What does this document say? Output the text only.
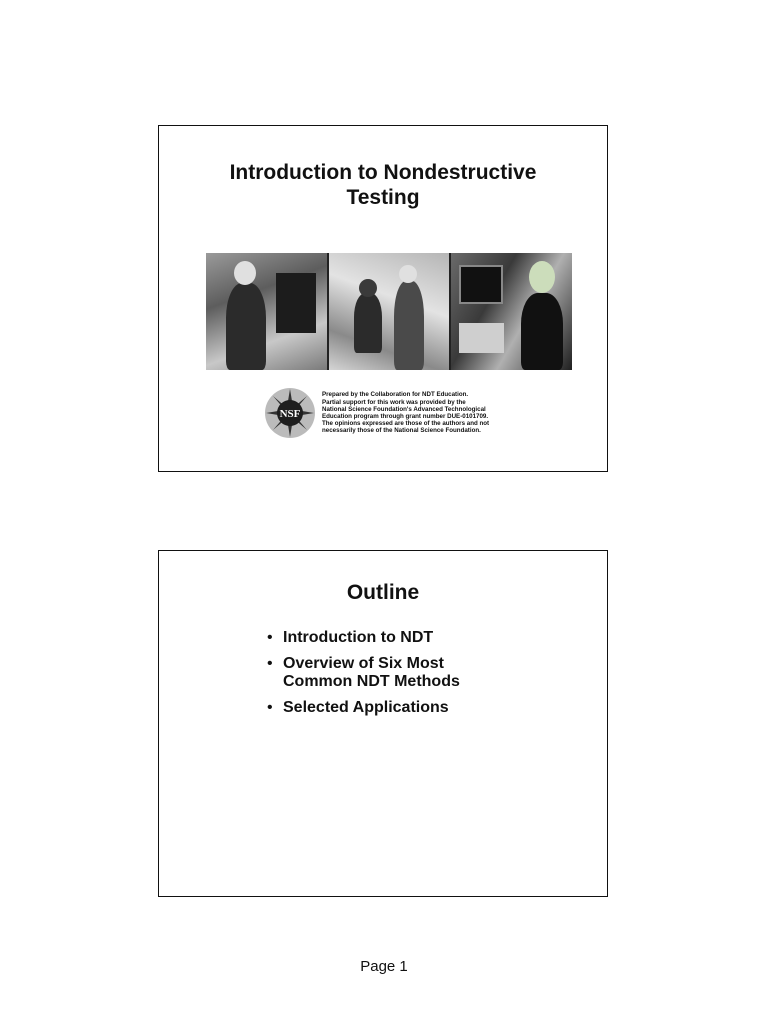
Introduction to Nondestructive
Testing
NSF
Prepared by the Collaboration for NDT Education.
Partial support for this work was provided by the
National Science Foundation's Advanced Technological
Education program through grant number DUE-0101709.
The opinions expressed are those of the authors and not
necessarily those of the National Science Foundation.
Outline
• Introduction to NDT
• Overview of Six Most
Common NDT Methods
• Selected Applications
Page 1
